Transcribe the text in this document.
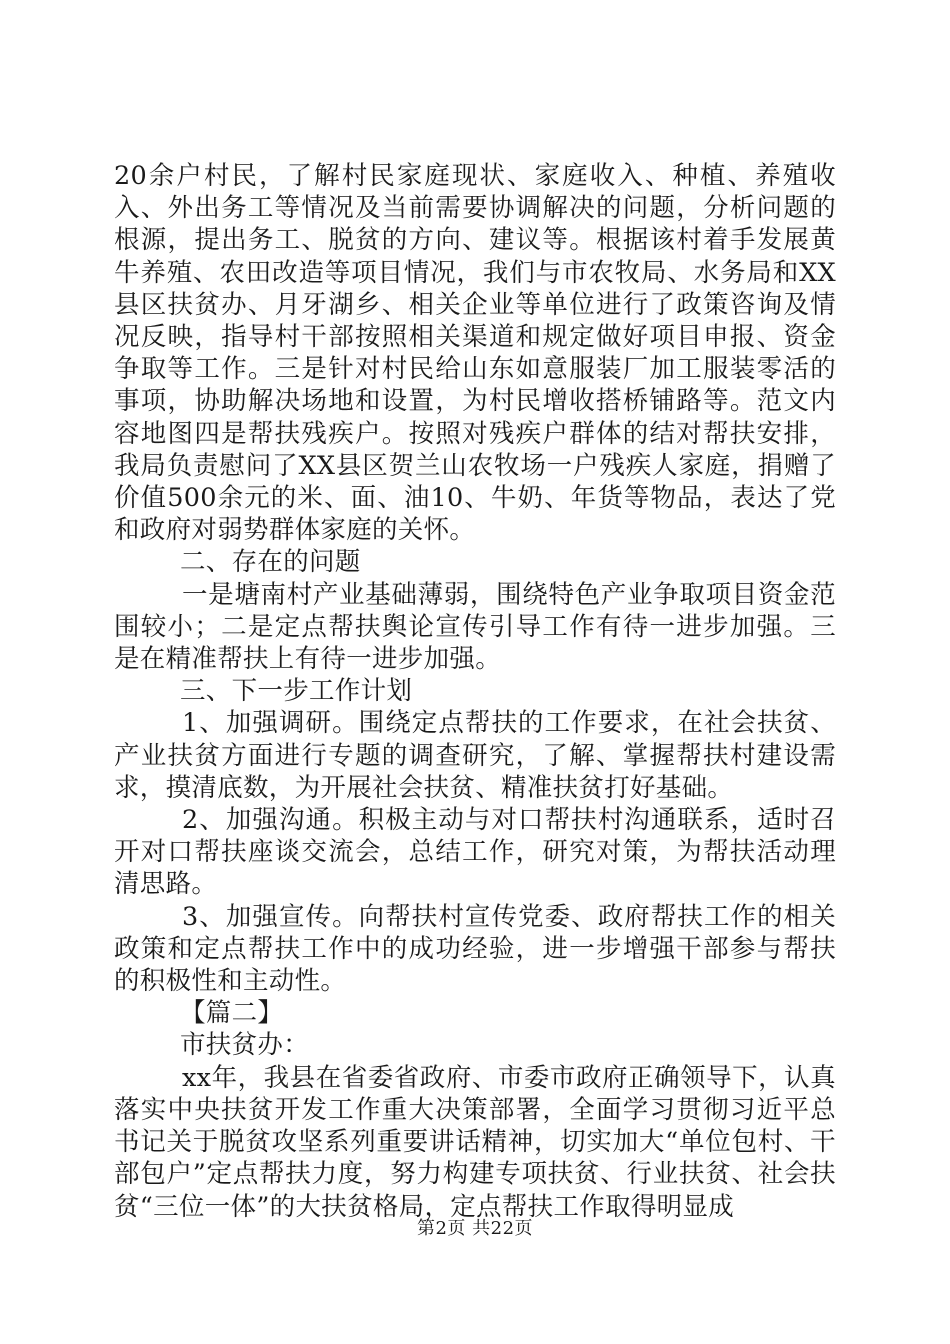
20余户村民，了解村民家庭现状、家庭收入、种植、养殖收入、外出务工等情况及当前需要协调解决的问题，分析问题的根源，提出务工、脱贫的方向、建议等。根据该村着手发展黄牛养殖、农田改造等项目情况，我们与市农牧局、水务局和XX县区扶贫办、月牙湖乡、相关企业等单位进行了政策咨询及情况反映，指导村干部按照相关渠道和规定做好项目申报、资金争取等工作。三是针对村民给山东如意服装厂加工服装零活的事项，协助解决场地和设置，为村民增收搭桥铺路等。范文内容地图四是帮扶残疾户。按照对残疾户群体的结对帮扶安排，我局负责慰问了XX县区贺兰山农牧场一户残疾人家庭，捐赠了价值500余元的米、面、油10、牛奶、年货等物品，表达了党和政府对弱势群体家庭的关怀。

二、存在的问题

一是塘南村产业基础薄弱，围绕特色产业争取项目资金范围较小；二是定点帮扶舆论宣传引导工作有待一进步加强。三是在精准帮扶上有待一进步加强。

三、下一步工作计划

1、加强调研。围绕定点帮扶的工作要求，在社会扶贫、产业扶贫方面进行专题的调查研究，了解、掌握帮扶村建设需求，摸清底数，为开展社会扶贫、精准扶贫打好基础。

2、加强沟通。积极主动与对口帮扶村沟通联系，适时召开对口帮扶座谈交流会，总结工作，研究对策，为帮扶活动理清思路。

3、加强宣传。向帮扶村宣传党委、政府帮扶工作的相关政策和定点帮扶工作中的成功经验，进一步增强干部参与帮扶的积极性和主动性。

【篇二】

市扶贫办：

xx年，我县在省委省政府、市委市政府正确领导下，认真落实中央扶贫开发工作重大决策部署，全面学习贯彻习近平总书记关于脱贫攻坚系列重要讲话精神，切实加大“单位包村、干部包户”定点帮扶力度，努力构建专项扶贫、行业扶贫、社会扶贫“三位一体”的大扶贫格局，定点帮扶工作取得明显成

第2页 共22页
